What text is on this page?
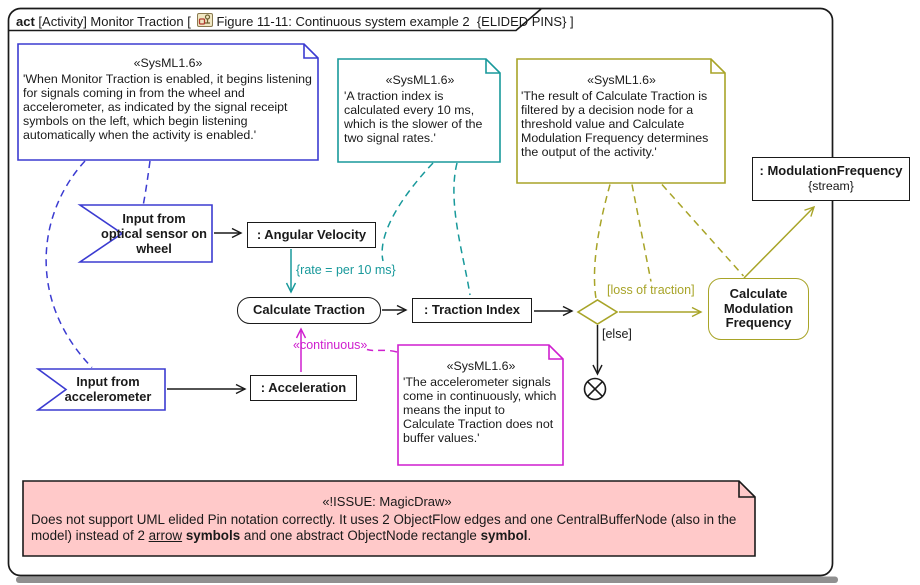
act [Activity] Monitor Traction [ Figure 11-11: Continuous system example 2  {ELIDED PINS} ]
«SysML1.6»
'When Monitor Traction is enabled, it begins listening for signals coming in from the wheel and accelerometer, as indicated by the signal receipt symbols on the left, which begin listening automatically when the activity is enabled.'
«SysML1.6»
'A traction index is calculated every 10 ms, which is the slower of the two signal rates.'
«SysML1.6»
'The result of Calculate Traction is filtered by a decision node for a threshold value and Calculate Modulation Frequency determines the output of the activity.'
«SysML1.6»
'The accelerometer signals come in continuously, which means the input to Calculate Traction does not buffer values.'
«!ISSUE: MagicDraw»
Does not support UML elided Pin notation correctly. It uses 2 ObjectFlow edges and one CentralBufferNode (also in the model) instead of 2 arrow symbols and one abstract ObjectNode rectangle symbol.
Input from optical sensor on wheel
Input from accelerometer
: Angular Velocity
: Traction Index
: Acceleration
Calculate Traction
Calculate Modulation Frequency
: ModulationFrequency
{stream}
{rate = per 10 ms}
«continuous»
[loss of traction]
[else]
